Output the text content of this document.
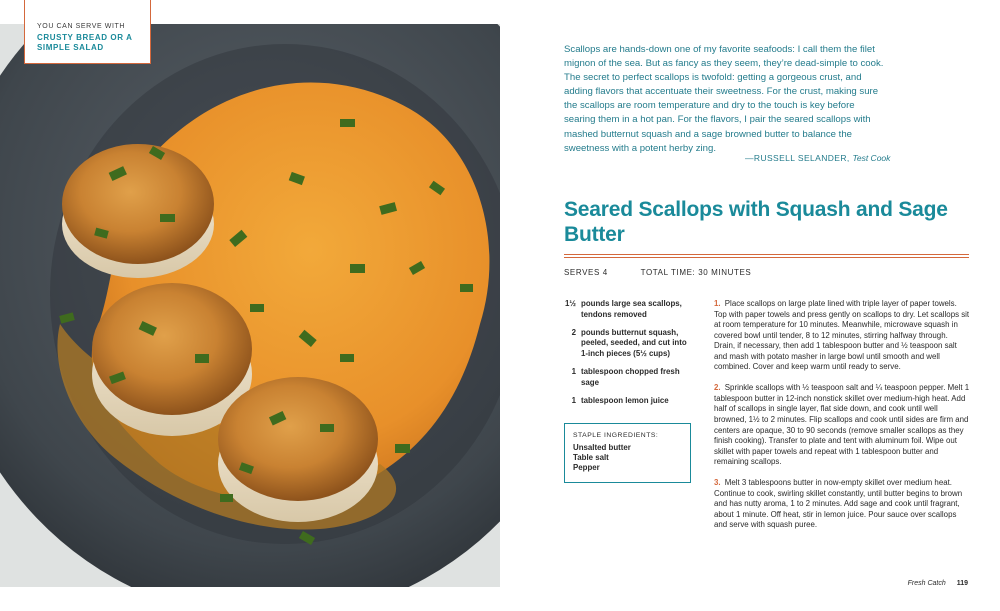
YOU CAN SERVE WITH
CRUSTY BREAD OR A SIMPLE SALAD	Scallops are hands-down one of my favorite seafoods: I call them the filet mignon of the sea. But as fancy as they seem, they’re dead-simple to cook. The secret to perfect scallops is twofold: getting a gorgeous crust, and adding flavors that accentuate their sweetness. For the crust, making sure the scallops are room temperature and dry to the touch is key before searing them in a hot pan. For the flavors, I pair the seared scallops with mashed butternut squash and a sage browned butter to balance the sweetness with a potent herby zing.

—RUSSELL SELANDER, Test Cook
Seared Scallops with Squash and Sage Butter
SERVES 4	TOTAL TIME: 30 MINUTES
1½ pounds large sea scallops, tendons removed
2 pounds butternut squash, peeled, seeded, and cut into 1-inch pieces (5½ cups)
1 tablespoon chopped fresh sage
1 tablespoon lemon juice
STAPLE INGREDIENTS:
Unsalted butter
Table salt
Pepper

1. Place scallops on large plate lined with triple layer of paper towels. Top with paper towels and press gently on scallops to dry. Let scallops sit at room temperature for 10 minutes. Meanwhile, microwave squash in covered bowl until tender, 8 to 12 minutes, stirring halfway through. Drain, if necessary, then add 1 tablespoon butter and ½ teaspoon salt and mash with potato masher in large bowl until smooth and well combined. Cover and keep warm until ready to serve.

2. Sprinkle scallops with ½ teaspoon salt and ¼ teaspoon pepper. Melt 1 tablespoon butter in 12-inch nonstick skillet over medium-high heat. Add half of scallops in single layer, flat side down, and cook until well browned, 1½ to 2 minutes. Flip scallops and cook until sides are firm and centers are opaque, 30 to 90 seconds (remove smaller scallops as they finish cooking). Transfer to plate and tent with aluminum foil. Wipe out skillet with paper towels and repeat with 1 tablespoon butter and remaining scallops.

3. Melt 3 tablespoons butter in now-empty skillet over medium heat. Continue to cook, swirling skillet constantly, until butter begins to brown and has nutty aroma, 1 to 2 minutes. Add sage and cook until fragrant, about 1 minute. Off heat, stir in lemon juice. Pour sauce over scallops and serve with squash puree.

Fresh Catch 119
